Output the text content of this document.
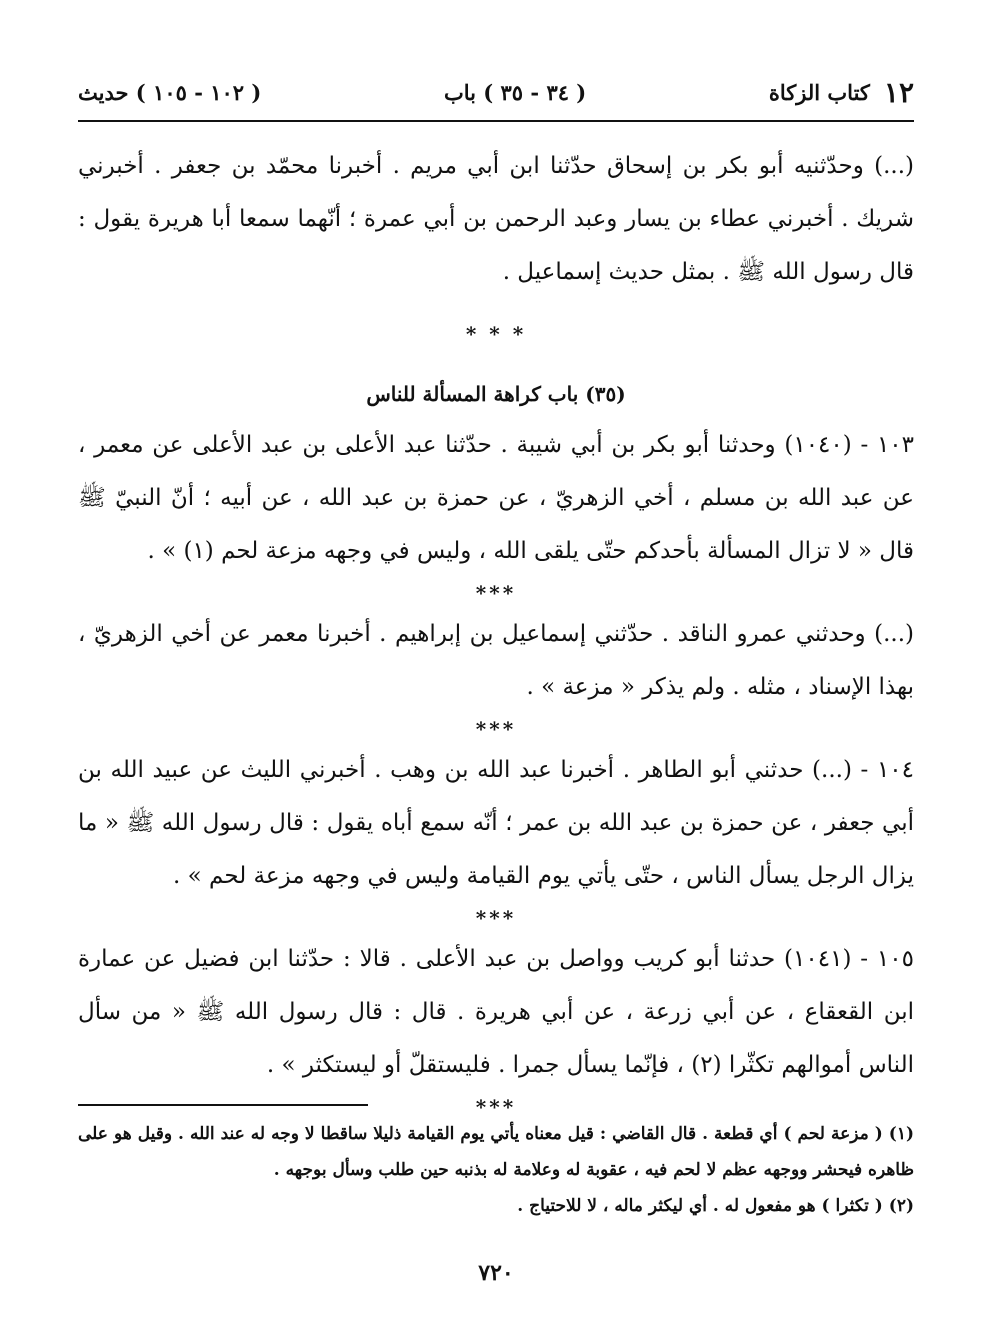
١٢
كتاب الزكاة
( ٣٤ - ٣٥ ) باب
( ١٠٢ - ١٠٥ ) حديث

(...) وحدّثنيه أبو بكر بن إسحاق حدّثنا ابن أبي مريم . أخبرنا محمّد بن جعفر . أخبرني شريك . أخبرني عطاء بن يسار وعبد الرحمن بن أبي عمرة ؛ أنّهما سمعا أبا هريرة يقول : قال رسول الله ﷺ . بمثل حديث إسماعيل .

* * *
(٣٥) باب كراهة المسألة للناس

١٠٣ - (١٠٤٠) وحدثنا أبو بكر بن أبي شيبة . حدّثنا عبد الأعلى بن عبد الأعلى عن معمر ، عن عبد الله بن مسلم ، أخي الزهريّ ، عن حمزة بن عبد الله ، عن أبيه ؛ أنّ النبيّ ﷺ قال « لا تزال المسألة بأحدكم حتّى يلقى الله ، وليس في وجهه مزعة لحم (١) » .

***

(...) وحدثني عمرو الناقد . حدّثني إسماعيل بن إبراهيم . أخبرنا معمر عن أخي الزهريّ ، بهذا الإسناد ، مثله . ولم يذكر « مزعة » .

***

١٠٤ - (...) حدثني أبو الطاهر . أخبرنا عبد الله بن وهب . أخبرني الليث عن عبيد الله بن أبي جعفر ، عن حمزة بن عبد الله بن عمر ؛ أنّه سمع أباه يقول : قال رسول الله ﷺ « ما يزال الرجل يسأل الناس ، حتّى يأتي يوم القيامة وليس في وجهه مزعة لحم » .

***

١٠٥ - (١٠٤١) حدثنا أبو كريب وواصل بن عبد الأعلى . قالا : حدّثنا ابن فضيل عن عمارة ابن القعقاع ، عن أبي زرعة ، عن أبي هريرة . قال : قال رسول الله ﷺ « من سأل الناس أموالهم تكثّرا (٢) ، فإنّما يسأل جمرا . فليستقلّ أو ليستكثر » .

***

(١) ( مزعة لحم ) أي قطعة . قال القاضي : قيل معناه يأتي يوم القيامة ذليلا ساقطا لا وجه له عند الله . وقيل هو على ظاهره فيحشر ووجهه عظم لا لحم فيه ، عقوبة له وعلامة له بذنبه حين طلب وسأل بوجهه .

(٢) ( تكثرا ) هو مفعول له . أي ليكثر ماله ، لا للاحتياج .

٧٢٠
